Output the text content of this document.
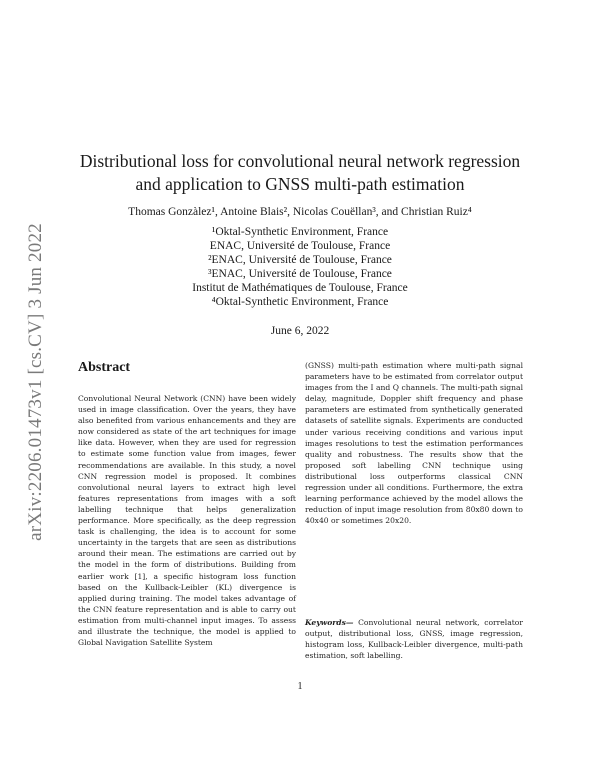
arXiv:2206.01473v1 [cs.CV] 3 Jun 2022
Distributional loss for convolutional neural network regression
and application to GNSS multi-path estimation
Thomas Gonzàlez¹, Antoine Blais², Nicolas Couëllan³, and Christian Ruiz⁴
¹Oktal-Synthetic Environment, France
ENAC, Université de Toulouse, France
²ENAC, Université de Toulouse, France
³ENAC, Université de Toulouse, France
Institut de Mathématiques de Toulouse, France
⁴Oktal-Synthetic Environment, France
June 6, 2022
Abstract
Convolutional Neural Network (CNN) have been widely used in image classification. Over the years, they have also benefited from various enhancements and they are now considered as state of the art techniques for image like data. However, when they are used for regression to estimate some function value from images, fewer recommendations are available. In this study, a novel CNN regression model is proposed. It combines convolutional neural layers to extract high level features representations from images with a soft labelling technique that helps generalization performance. More specifically, as the deep regression task is challenging, the idea is to account for some uncertainty in the targets that are seen as distributions around their mean. The estimations are carried out by the model in the form of distributions. Building from earlier work [1], a specific histogram loss function based on the Kullback-Leibler (KL) divergence is applied during training. The model takes advantage of the CNN feature representation and is able to carry out estimation from multi-channel input images. To assess and illustrate the technique, the model is applied to Global Navigation Satellite System
(GNSS) multi-path estimation where multi-path signal parameters have to be estimated from correlator output images from the I and Q channels. The multi-path signal delay, magnitude, Doppler shift frequency and phase parameters are estimated from synthetically generated datasets of satellite signals. Experiments are conducted under various receiving conditions and various input images resolutions to test the estimation performances quality and robustness. The results show that the proposed soft labelling CNN technique using distributional loss outperforms classical CNN regression under all conditions. Furthermore, the extra learning performance achieved by the model allows the reduction of input image resolution from 80x80 down to 40x40 or sometimes 20x20.
Keywords— Convolutional neural network, correlator output, distributional loss, GNSS, image regression, histogram loss, Kullback-Leibler divergence, multi-path estimation, soft labelling.
1
